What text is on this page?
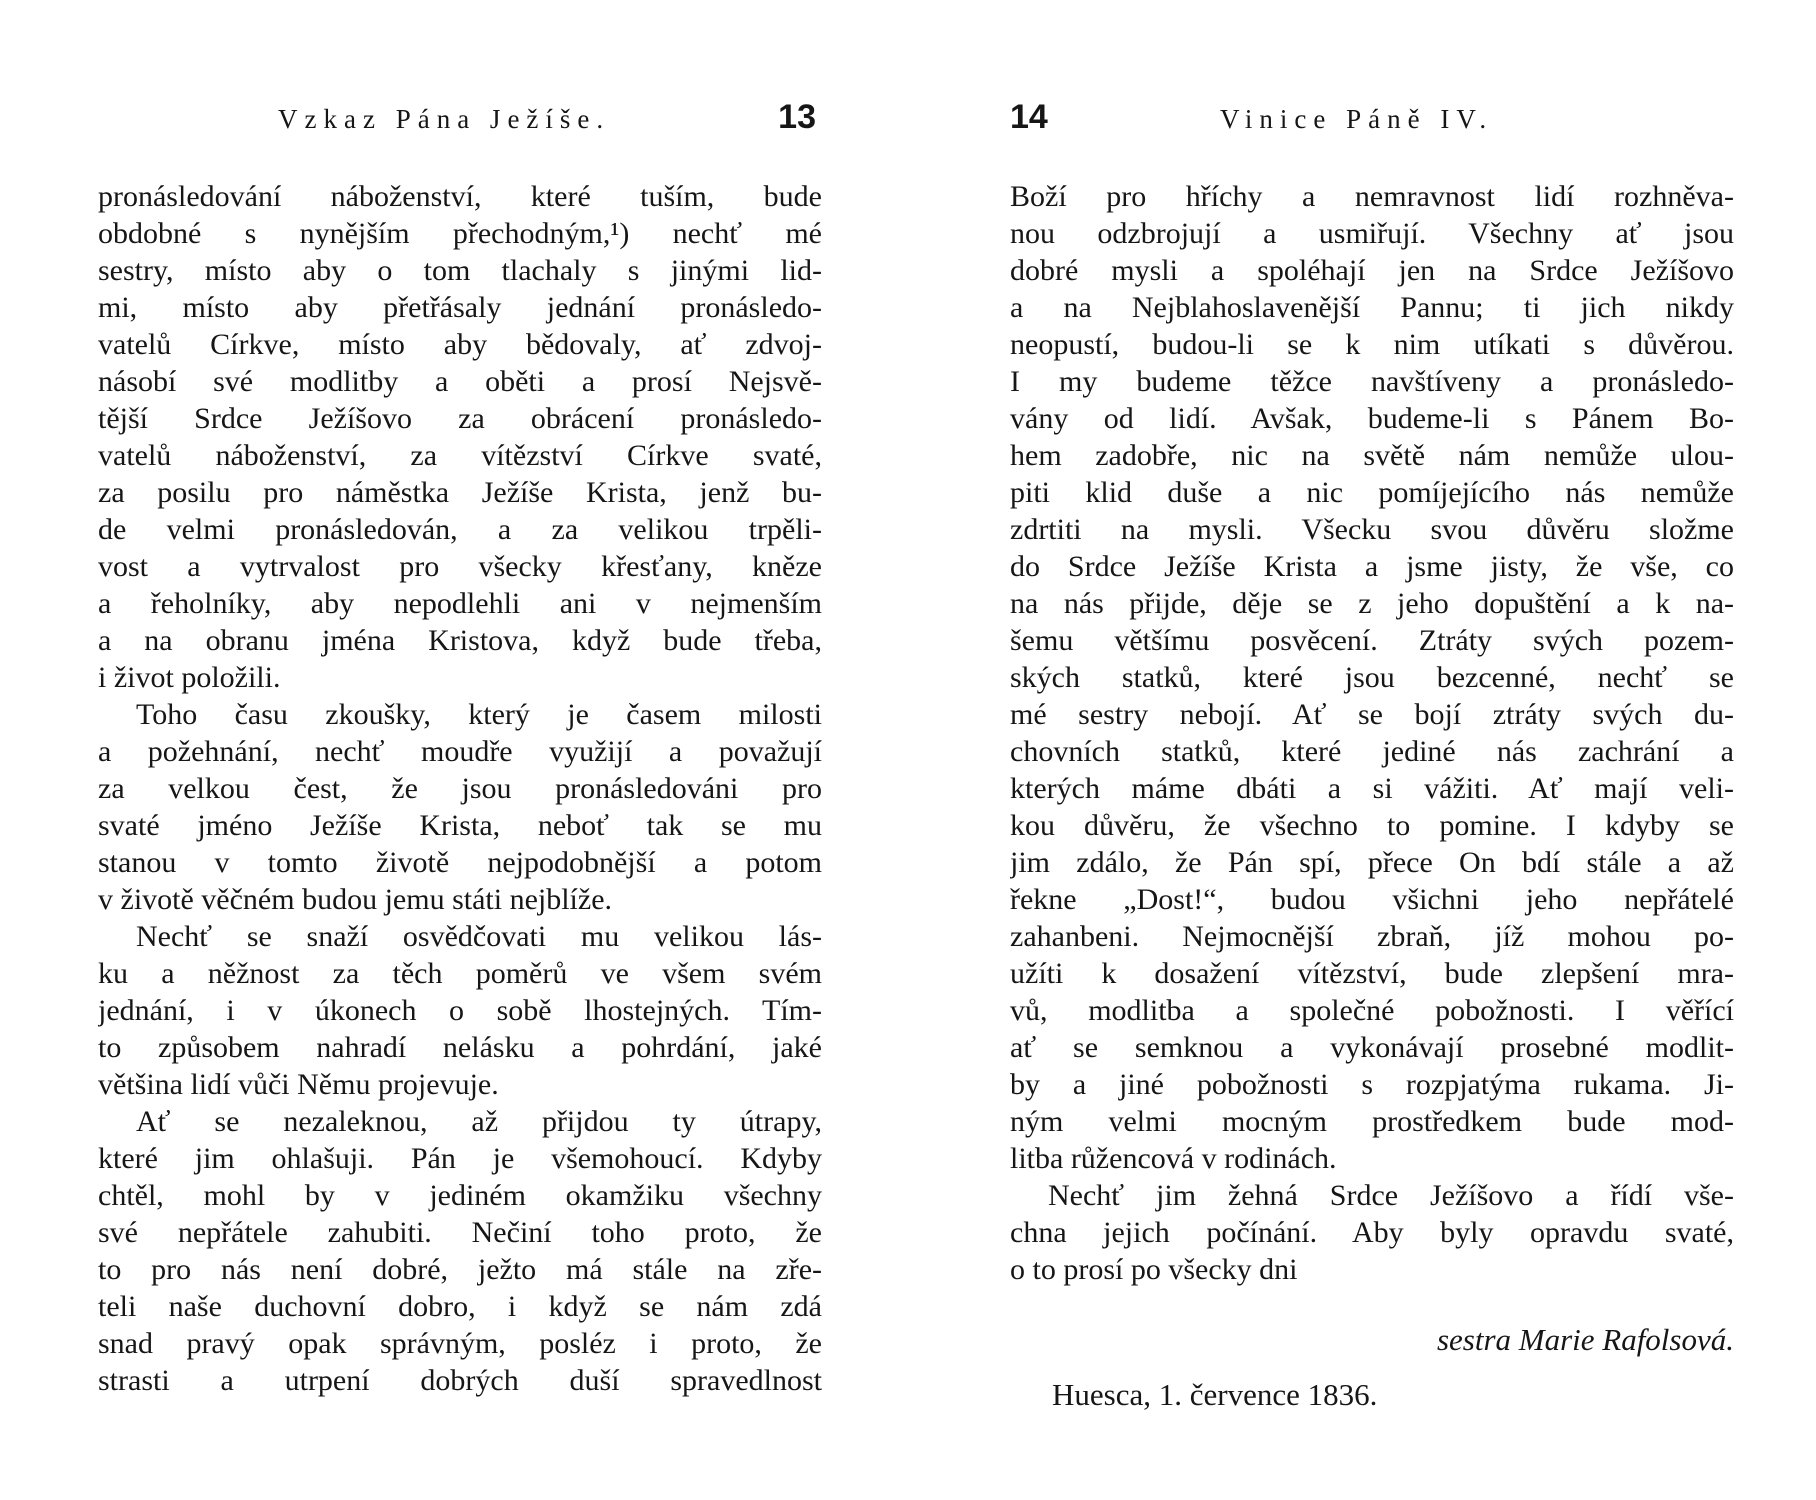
Vzkaz Pána Ježíše.	13
pronásledování náboženství, které tuším, bude
obdobné s nynějším přechodným,¹) nechť mé
sestry, místo aby o tom tlachaly s jinými lid-
mi, místo aby přetřásaly jednání pronásledo-
vatelů Církve, místo aby bědovaly, ať zdvoj-
násobí své modlitby a oběti a prosí Nejsvě-
tější Srdce Ježíšovo za obrácení pronásledo-
vatelů náboženství, za vítězství Církve svaté,
za posilu pro náměstka Ježíše Krista, jenž bu-
de velmi pronásledován, a za velikou trpěli-
vost a vytrvalost pro všecky křesťany, kněze
a řeholníky, aby nepodlehli ani v nejmenším
a na obranu jména Kristova, když bude třeba,
i život položili.
Toho času zkoušky, který je časem milosti
a požehnání, nechť moudře využijí a považují
za velkou čest, že jsou pronásledováni pro
svaté jméno Ježíše Krista, neboť tak se mu
stanou v tomto životě nejpodobnější a potom
v životě věčném budou jemu státi nejblíže.
Nechť se snaží osvědčovati mu velikou lás-
ku a něžnost za těch poměrů ve všem svém
jednání, i v úkonech o sobě lhostejných. Tím-
to způsobem nahradí nelásku a pohrdání, jaké
většina lidí vůči Němu projevuje.
Ať se nezaleknou, až přijdou ty útrapy,
které jim ohlašuji. Pán je všemohoucí. Kdyby
chtěl, mohl by v jediném okamžiku všechny
své nepřátele zahubiti. Nečiní toho proto, že
to pro nás není dobré, ježto má stále na zře-
teli naše duchovní dobro, i když se nám zdá
snad pravý opak správným, posléz i proto, že
strasti a utrpení dobrých duší spravedlnost
14	Vinice Páně IV.
Boží pro hříchy a nemravnost lidí rozhněva-
nou odzbrojují a usmiřují. Všechny ať jsou
dobré mysli a spoléhají jen na Srdce Ježíšovo
a na Nejblahoslavenější Pannu; ti jich nikdy
neopustí, budou-li se k nim utíkati s důvěrou.
I my budeme těžce navštíveny a pronásledo-
vány od lidí. Avšak, budeme-li s Pánem Bo-
hem zadobře, nic na světě nám nemůže ulou-
piti klid duše a nic pomíjejícího nás nemůže
zdrtiti na mysli. Všecku svou důvěru složme
do Srdce Ježíše Krista a jsme jisty, že vše, co
na nás přijde, děje se z jeho dopuštění a k na-
šemu většímu posvěcení. Ztráty svých pozem-
ských statků, které jsou bezcenné, nechť se
mé sestry nebojí. Ať se bojí ztráty svých du-
chovních statků, které jediné nás zachrání a
kterých máme dbáti a si vážiti. Ať mají veli-
kou důvěru, že všechno to pomine. I kdyby se
jim zdálo, že Pán spí, přece On bdí stále a až
řekne „Dost!“, budou všichni jeho nepřátelé
zahanbeni. Nejmocnější zbraň, jíž mohou po-
užíti k dosažení vítězství, bude zlepšení mra-
vů, modlitba a společné pobožnosti. I věřící
ať se semknou a vykonávají prosebné modlit-
by a jiné pobožnosti s rozpjatýma rukama. Ji-
ným velmi mocným prostředkem bude mod-
litba růžencová v rodinách.
Nechť jim žehná Srdce Ježíšovo a řídí vše-
chna jejich počínání. Aby byly opravdu svaté,
o to prosí po všecky dni
sestra Marie Rafolsová.
Huesca, 1. července 1836.
